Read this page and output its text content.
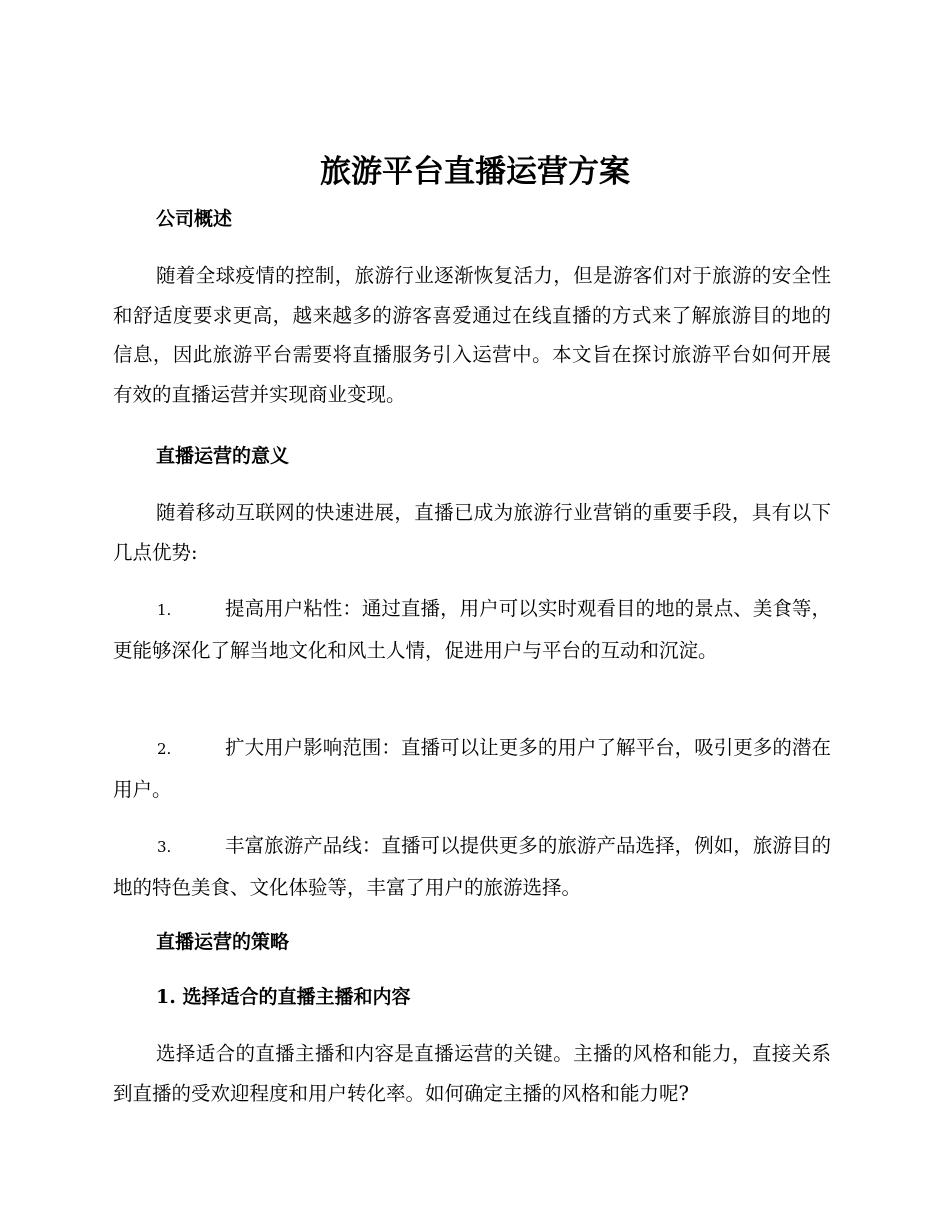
旅游平台直播运营方案
公司概述
随着全球疫情的控制，旅游行业逐渐恢复活力，但是游客们对于旅游的安全性和舒适度要求更高，越来越多的游客喜爱通过在线直播的方式来了解旅游目的地的信息，因此旅游平台需要将直播服务引入运营中。本文旨在探讨旅游平台如何开展有效的直播运营并实现商业变现。
直播运营的意义
随着移动互联网的快速进展，直播已成为旅游行业营销的重要手段，具有以下几点优势:
1.	提高用户粘性：通过直播，用户可以实时观看目的地的景点、美食等，更能够深化了解当地文化和风土人情，促进用户与平台的互动和沉淀。
2.	扩大用户影响范围：直播可以让更多的用户了解平台，吸引更多的潜在用户。
3.	丰富旅游产品线：直播可以提供更多的旅游产品选择，例如，旅游目的地的特色美食、文化体验等，丰富了用户的旅游选择。
直播运营的策略
1. 选择适合的直播主播和内容
选择适合的直播主播和内容是直播运营的关键。主播的风格和能力，直接关系到直播的受欢迎程度和用户转化率。如何确定主播的风格和能力呢?
